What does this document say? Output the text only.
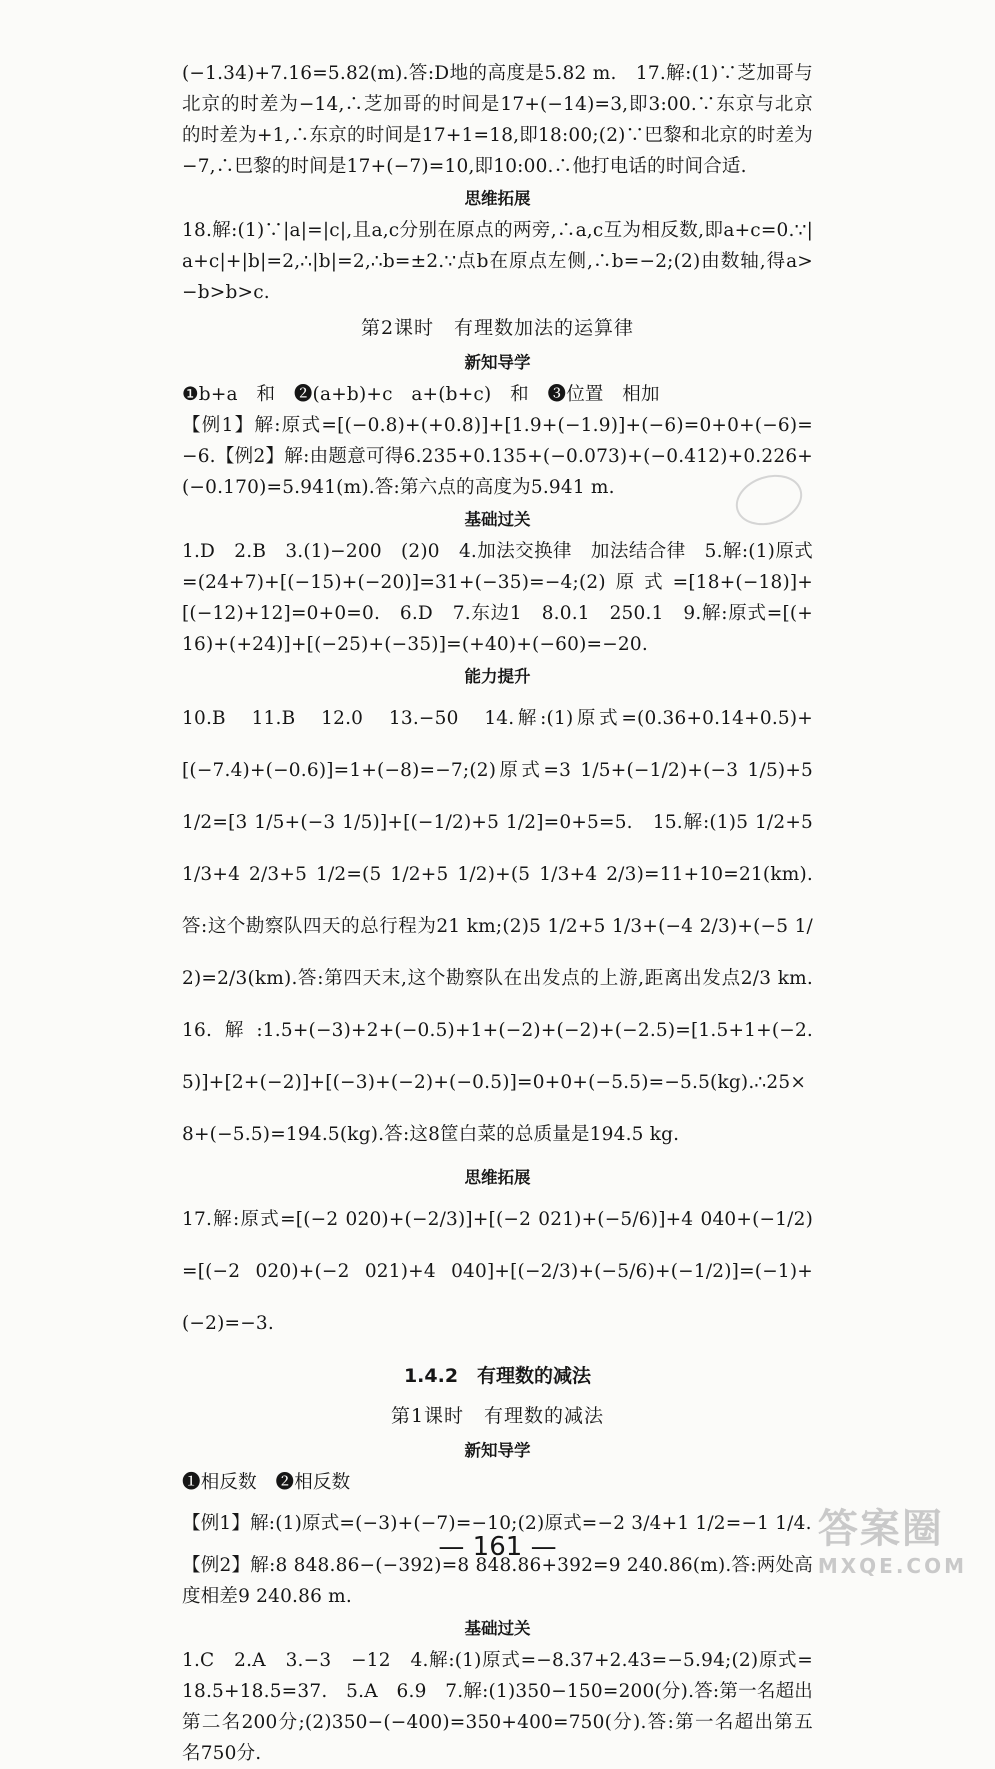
(−1.34)+7.16=5.82(m).答:D地的高度是5.82 m.　17.解:(1)∵芝加哥与北京的时差为−14,∴芝加哥的时间是17+(−14)=3,即3:00.∵东京与北京的时差为+1,∴东京的时间是17+1=18,即18:00;(2)∵巴黎和北京的时差为−7,∴巴黎的时间是17+(−7)=10,即10:00.∴他打电话的时间合适.
思维拓展
18.解:(1)∵|a|=|c|,且a,c分别在原点的两旁,∴a,c互为相反数,即a+c=0.∵|a+c|+|b|=2,∴|b|=2,∴b=±2.∵点b在原点左侧,∴b=−2;(2)由数轴,得a>−b>b>c.
第2课时　有理数加法的运算律
新知导学
❶b+a　和　❷(a+b)+c　a+(b+c)　和　❸位置　相加
【例1】解:原式=[(−0.8)+(+0.8)]+[1.9+(−1.9)]+(−6)=0+0+(−6)=−6.【例2】解:由题意可得6.235+0.135+(−0.073)+(−0.412)+0.226+(−0.170)=5.941(m).答:第六点的高度为5.941 m.
基础过关
1.D　2.B　3.(1)−200　(2)0　4.加法交换律　加法结合律　5.解:(1)原式=(24+7)+[(−15)+(−20)]=31+(−35)=−4;(2)原式=[18+(−18)]+[(−12)+12]=0+0=0.　6.D　7.东边1　8.0.1　250.1　9.解:原式=[(+16)+(+24)]+[(−25)+(−35)]=(+40)+(−60)=−20.
能力提升
10.B　11.B　12.0　13.−50　14.解:(1)原式=(0.36+0.14+0.5)+[(−7.4)+(−0.6)]=1+(−8)=−7;(2)原式=3 1/5+(−1/2)+(−3 1/5)+5 1/2=[3 1/5+(−3 1/5)]+[(−1/2)+5 1/2]=0+5=5.　15.解:(1)5 1/2+5 1/3+4 2/3+5 1/2=(5 1/2+5 1/2)+(5 1/3+4 2/3)=11+10=21(km).答:这个勘察队四天的总行程为21 km;(2)5 1/2+5 1/3+(−4 2/3)+(−5 1/2)=2/3(km).答:第四天末,这个勘察队在出发点的上游,距离出发点2/3 km.　16.解:1.5+(−3)+2+(−0.5)+1+(−2)+(−2)+(−2.5)=[1.5+1+(−2.5)]+[2+(−2)]+[(−3)+(−2)+(−0.5)]=0+0+(−5.5)=−5.5(kg).∴25×8+(−5.5)=194.5(kg).答:这8筐白菜的总质量是194.5 kg.
思维拓展
17.解:原式=[(−2 020)+(−2/3)]+[(−2 021)+(−5/6)]+4 040+(−1/2)=[(−2 020)+(−2 021)+4 040]+[(−2/3)+(−5/6)+(−1/2)]=(−1)+(−2)=−3.
1.4.2　有理数的减法
第1课时　有理数的减法
新知导学
❶相反数　❷相反数
【例1】解:(1)原式=(−3)+(−7)=−10;(2)原式=−2 3/4+1 1/2=−1 1/4.
【例2】解:8 848.86−(−392)=8 848.86+392=9 240.86(m).答:两处高度相差9 240.86 m.
基础过关
1.C　2.A　3.−3　−12　4.解:(1)原式=−8.37+2.43=−5.94;(2)原式=18.5+18.5=37.　5.A　6.9　7.解:(1)350−150=200(分).答:第一名超出第二名200分;(2)350−(−400)=350+400=750(分).答:第一名超出第五名750分.
— 161 —	答案圈
MXQE.COM
